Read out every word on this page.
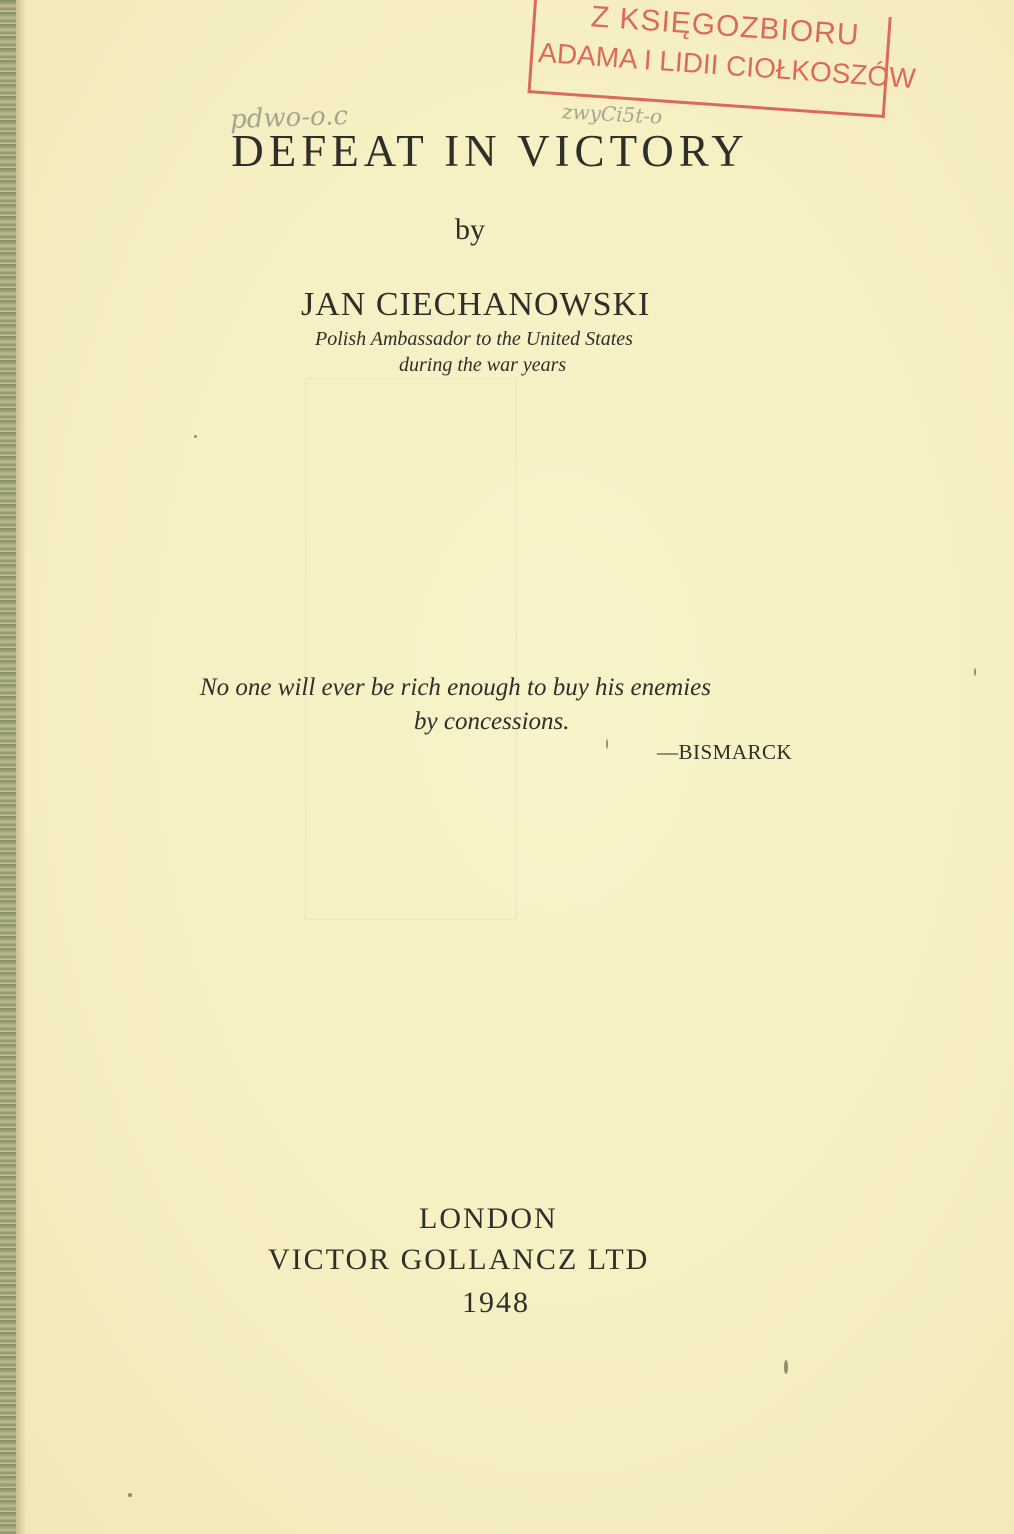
Z KSIĘGOZBIORU
ADAMA I LIDII CIOŁKOSZÓW
pdwo-o.c	zwyCi5t-o
DEFEAT IN VICTORY
by
JAN CIECHANOWSKI
Polish Ambassador to the United States
during the war years
No one will ever be rich enough to buy his enemies
by concessions.
—BISMARCK
LONDON
VICTOR GOLLANCZ LTD
1948
